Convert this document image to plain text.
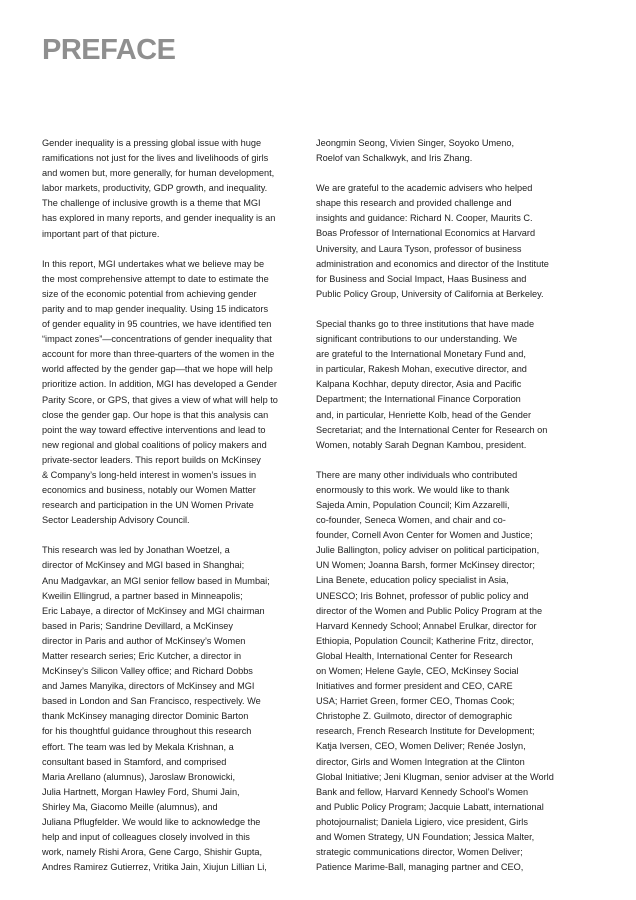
PREFACE

Gender inequality is a pressing global issue with huge
ramifications not just for the lives and livelihoods of girls
and women but, more generally, for human development,
labor markets, productivity, GDP growth, and inequality.
The challenge of inclusive growth is a theme that MGI
has explored in many reports, and gender inequality is an
important part of that picture.

In this report, MGI undertakes what we believe may be
the most comprehensive attempt to date to estimate the
size of the economic potential from achieving gender
parity and to map gender inequality. Using 15 indicators
of gender equality in 95 countries, we have identified ten
“impact zones”—concentrations of gender inequality that
account for more than three-quarters of the women in the
world affected by the gender gap—that we hope will help
prioritize action. In addition, MGI has developed a Gender
Parity Score, or GPS, that gives a view of what will help to
close the gender gap. Our hope is that this analysis can
point the way toward effective interventions and lead to
new regional and global coalitions of policy makers and
private-sector leaders. This report builds on McKinsey
& Company’s long-held interest in women’s issues in
economics and business, notably our Women Matter
research and participation in the UN Women Private
Sector Leadership Advisory Council.

This research was led by Jonathan Woetzel, a
director of McKinsey and MGI based in Shanghai;
Anu Madgavkar, an MGI senior fellow based in Mumbai;
Kweilin Ellingrud, a partner based in Minneapolis;
Eric Labaye, a director of McKinsey and MGI chairman
based in Paris; Sandrine Devillard, a McKinsey
director in Paris and author of McKinsey’s Women
Matter research series; Eric Kutcher, a director in
McKinsey’s Silicon Valley office; and Richard Dobbs
and James Manyika, directors of McKinsey and MGI
based in London and San Francisco, respectively. We
thank McKinsey managing director Dominic Barton
for his thoughtful guidance throughout this research
effort. The team was led by Mekala Krishnan, a
consultant based in Stamford, and comprised
Maria Arellano (alumnus), Jaroslaw Bronowicki,
Julia Hartnett, Morgan Hawley Ford, Shumi Jain,
Shirley Ma, Giacomo Meille (alumnus), and
Juliana Pflugfelder. We would like to acknowledge the
help and input of colleagues closely involved in this
work, namely Rishi Arora, Gene Cargo, Shishir Gupta,
Andres Ramirez Gutierrez, Vritika Jain, Xiujun Lillian Li,

Jeongmin Seong, Vivien Singer, Soyoko Umeno,
Roelof van Schalkwyk, and Iris Zhang.

We are grateful to the academic advisers who helped
shape this research and provided challenge and
insights and guidance: Richard N. Cooper, Maurits C.
Boas Professor of International Economics at Harvard
University, and Laura Tyson, professor of business
administration and economics and director of the Institute
for Business and Social Impact, Haas Business and
Public Policy Group, University of California at Berkeley.

Special thanks go to three institutions that have made
significant contributions to our understanding. We
are grateful to the International Monetary Fund and,
in particular, Rakesh Mohan, executive director, and
Kalpana Kochhar, deputy director, Asia and Pacific
Department; the International Finance Corporation
and, in particular, Henriette Kolb, head of the Gender
Secretariat; and the International Center for Research on
Women, notably Sarah Degnan Kambou, president.

There are many other individuals who contributed
enormously to this work. We would like to thank
Sajeda Amin, Population Council; Kim Azzarelli,
co-founder, Seneca Women, and chair and co-
founder, Cornell Avon Center for Women and Justice;
Julie Ballington, policy adviser on political participation,
UN Women; Joanna Barsh, former McKinsey director;
Lina Benete, education policy specialist in Asia,
UNESCO; Iris Bohnet, professor of public policy and
director of the Women and Public Policy Program at the
Harvard Kennedy School; Annabel Erulkar, director for
Ethiopia, Population Council; Katherine Fritz, director,
Global Health, International Center for Research
on Women; Helene Gayle, CEO, McKinsey Social
Initiatives and former president and CEO, CARE
USA; Harriet Green, former CEO, Thomas Cook;
Christophe Z. Guilmoto, director of demographic
research, French Research Institute for Development;
Katja Iversen, CEO, Women Deliver; Renée Joslyn,
director, Girls and Women Integration at the Clinton
Global Initiative; Jeni Klugman, senior adviser at the World
Bank and fellow, Harvard Kennedy School’s Women
and Public Policy Program; Jacquie Labatt, international
photojournalist; Daniela Ligiero, vice president, Girls
and Women Strategy, UN Foundation; Jessica Malter,
strategic communications director, Women Deliver;
Patience Marime-Ball, managing partner and CEO,
